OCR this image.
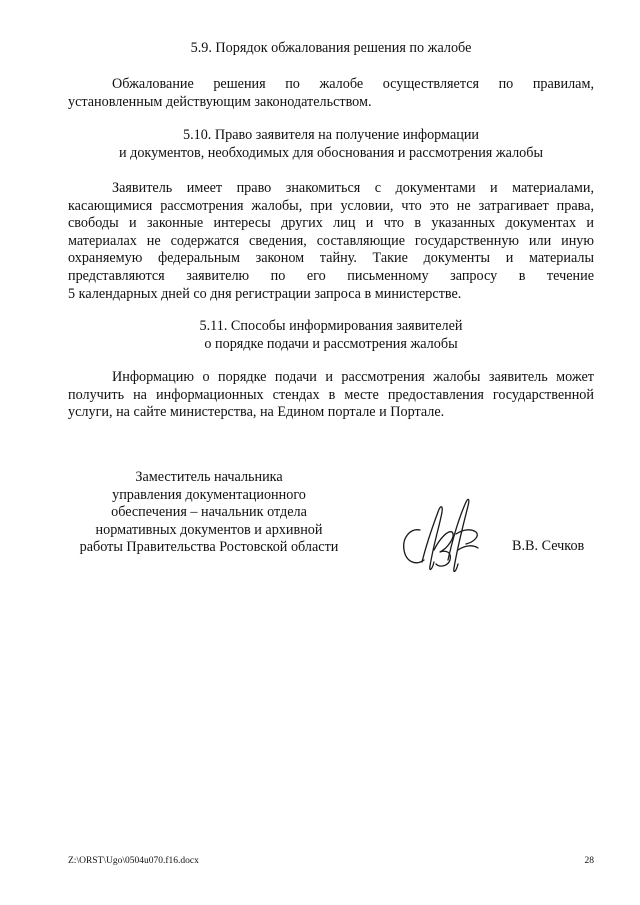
5.9. Порядок обжалования решения по жалобе
Обжалование решения по жалобе осуществляется по правилам,
установленным действующим законодательством.
5.10. Право заявителя на получение информации
и документов, необходимых для обоснования и рассмотрения жалобы
Заявитель имеет право знакомиться с документами и материалами,
касающимися рассмотрения жалобы, при условии, что это не затрагивает права,
свободы и законные интересы других лиц и что в указанных документах и
материалах не содержатся сведения, составляющие государственную или иную
охраняемую федеральным законом тайну. Такие документы и материалы
представляются заявителю по его письменному запросу в течение
5 календарных дней со дня регистрации запроса в министерстве.
5.11. Способы информирования заявителей
о порядке подачи и рассмотрения жалобы
Информацию о порядке подачи и рассмотрения жалобы заявитель может
получить на информационных стендах в месте предоставления государственной
услуги, на сайте министерства, на Едином портале и Портале.
Заместитель начальника
управления документационного
обеспечения – начальник отдела
нормативных документов и архивной
работы Правительства Ростовской области	В.В. Сечков
Z:\ORST\Ugo\0504u070.f16.docx	28
